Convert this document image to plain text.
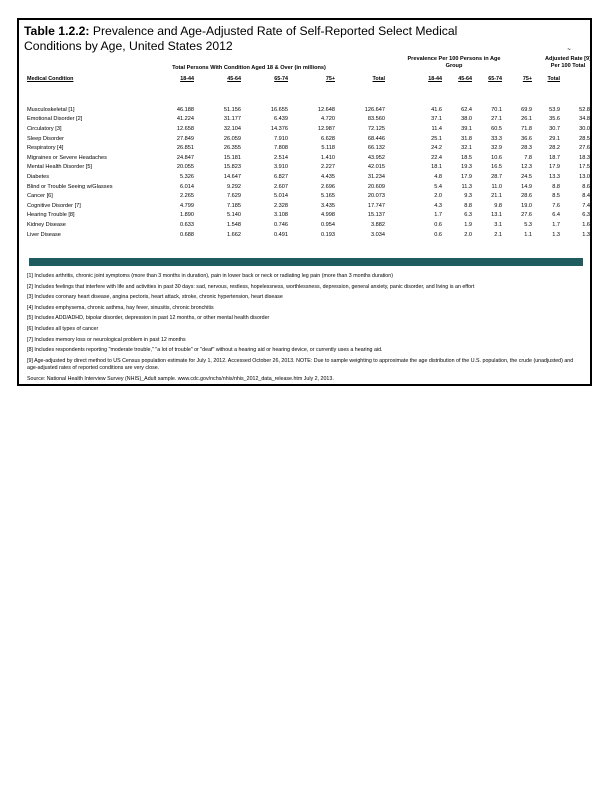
Table 1.2.2: Prevalence and Age-Adjusted Rate of Self-Reported Select Medical Conditions by Age, United States 2012
Total Persons With Condition Aged 18 & Over (in millions)
Prevalence Per 100 Persons in Age Group
~
Adjusted Rate [9] Per 100 Total
Medical Condition	18-44	45-64	65-74	75+	Total	18-44	45-64	65-74	75+	Total
Musculoskeletal [1]	46.188	51.156	16.655	12.648	126.647		41.6	62.4	70.1	69.9	53.9	52.8
Emotional Disorder [2]	41.224	31.177	6.439	4.720	83.560		37.1	38.0	27.1	26.1	35.6	34.8
Circulatory [3]	12.658	32.104	14.376	12.987	72.125		11.4	39.1	60.5	71.8	30.7	30.0
Sleep Disorder	27.849	26.059	7.910	6.628	68.446		25.1	31.8	33.3	36.6	29.1	28.5
Respiratory [4]	26.851	26.355	7.808	5.118	66.132		24.2	32.1	32.9	28.3	28.2	27.6
Migraines or Severe Headaches	24.847	15.181	2.514	1.410	43.952		22.4	18.5	10.6	7.8	18.7	18.3
Mental Health Disorder [5]	20.055	15.823	3.910	2.227	42.015		18.1	19.3	16.5	12.3	17.9	17.5
Diabetes	5.326	14.647	6.827	4.435	31.234		4.8	17.9	28.7	24.5	13.3	13.0
Blind or Trouble Seeing w/Glasses	6.014	9.292	2.607	2.696	20.609		5.4	11.3	11.0	14.9	8.8	8.6
Cancer [6]	2.265	7.629	5.014	5.165	20.073		2.0	9.3	21.1	28.6	8.5	8.4
Cognitive Disorder [7]	4.799	7.185	2.328	3.435	17.747		4.3	8.8	9.8	19.0	7.6	7.4
Hearing Trouble [8]	1.890	5.140	3.108	4.998	15.137		1.7	6.3	13.1	27.6	6.4	6.3
Kidney Disease	0.633	1.548	0.746	0.954	3.882		0.6	1.9	3.1	5.3	1.7	1.6
Liver Disease	0.688	1.662	0.491	0.193	3.034		0.6	2.0	2.1	1.1	1.3	1.3
[1] Includes arthritis, chronic joint symptoms (more than 3 months in duration), pain in lower back or neck or radiating leg pain (more than 3 months duration)
[2] Includes feelings that interfere with life and activities in past 30 days: sad, nervous, restless, hopelessness, worthlessness, depression, general anxiety, panic disorder, and living is an effort
[3] Includes coronary heart disease, angina pectoris, heart attack, stroke, chronic hypertension, heart disease
[4] Includes emphysema, chronic asthma, hay fever, sinusitis, chronic bronchitis
[5] Includes ADD/ADHD, bipolar disorder, depression in past 12 months, or other mental health disorder
[6] Includes all types of cancer
[7] Includes memory loss or neurological problem in past 12 months
[8] Includes respondents reporting "moderate trouble," "a lot of trouble" or "deaf" without a hearing aid or hearing device, or currently uses a hearing aid.
[9] Age-adjusted by direct method to US Census population estimate for July 1, 2012. Accessed October 26, 2013. NOTE: Due to sample weighting to approximate the age distribution of the U.S. population, the crude (unadjusted) and age-adjusted rates of reported conditions are very close.
Source: National Health Interview Survey (NHIS)_Adult sample. www.cdc.gov/nchs/nhis/nhis_2012_data_release.htm July 2, 2013.
